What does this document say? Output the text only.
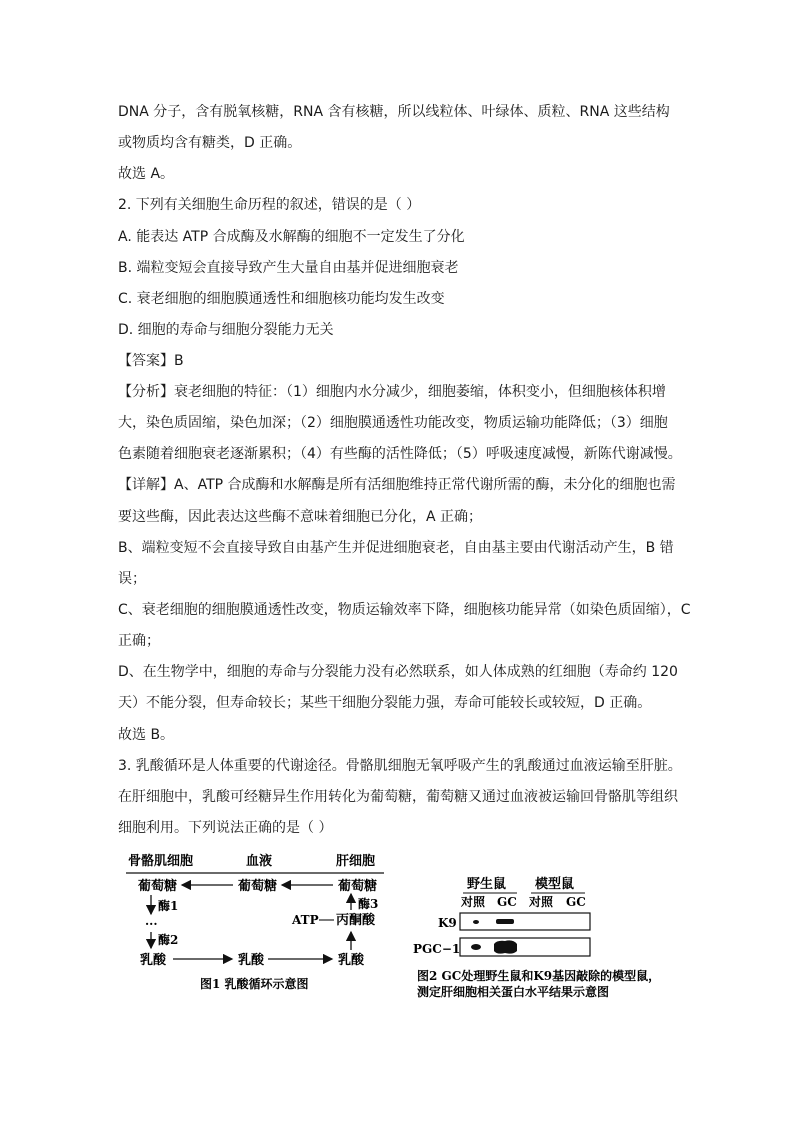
DNA 分子，含有脱氧核糖，RNA 含有核糖，所以线粒体、叶绿体、质粒、RNA 这些结构
或物质均含有糖类，D 正确。
故选 A。
2. 下列有关细胞生命历程的叙述，错误的是（ ）
A. 能表达 ATP 合成酶及水解酶的细胞不一定发生了分化
B. 端粒变短会直接导致产生大量自由基并促进细胞衰老
C. 衰老细胞的细胞膜通透性和细胞核功能均发生改变
D. 细胞的寿命与细胞分裂能力无关
【答案】B
【分析】衰老细胞的特征：（1）细胞内水分减少，细胞萎缩，体积变小，但细胞核体积增
大，染色质固缩，染色加深；（2）细胞膜通透性功能改变，物质运输功能降低；（3）细胞
色素随着细胞衰老逐渐累积；（4）有些酶的活性降低；（5）呼吸速度减慢，新陈代谢减慢。
【详解】A、ATP 合成酶和水解酶是所有活细胞维持正常代谢所需的酶，未分化的细胞也需
要这些酶，因此表达这些酶不意味着细胞已分化，A 正确；
B、端粒变短不会直接导致自由基产生并促进细胞衰老，自由基主要由代谢活动产生，B 错
误；
C、衰老细胞的细胞膜通透性改变，物质运输效率下降，细胞核功能异常（如染色质固缩），C
正确；
D、在生物学中，细胞的寿命与分裂能力没有必然联系，如人体成熟的红细胞（寿命约 120
天）不能分裂，但寿命较长；某些干细胞分裂能力强，寿命可能较长或较短，D 正确。
故选 B。
3. 乳酸循环是人体重要的代谢途径。骨骼肌细胞无氧呼吸产生的乳酸通过血液运输至肝脏。
在肝细胞中，乳酸可经糖异生作用转化为葡萄糖，葡萄糖又通过血液被运输回骨骼肌等组织
细胞利用。下列说法正确的是（ ）
骨骼肌细胞	血液	肝细胞
葡萄糖	葡萄糖	葡萄糖
酶1
···
酶2
酶3
ATP 丙酮酸
乳酸	乳酸	乳酸
图1 乳酸循环示意图
野生鼠 模型鼠
对照 GC 对照 GC
K9
PGC−1
图2 GC处理野生鼠和K9基因敲除的模型鼠，
测定肝细胞相关蛋白水平结果示意图
